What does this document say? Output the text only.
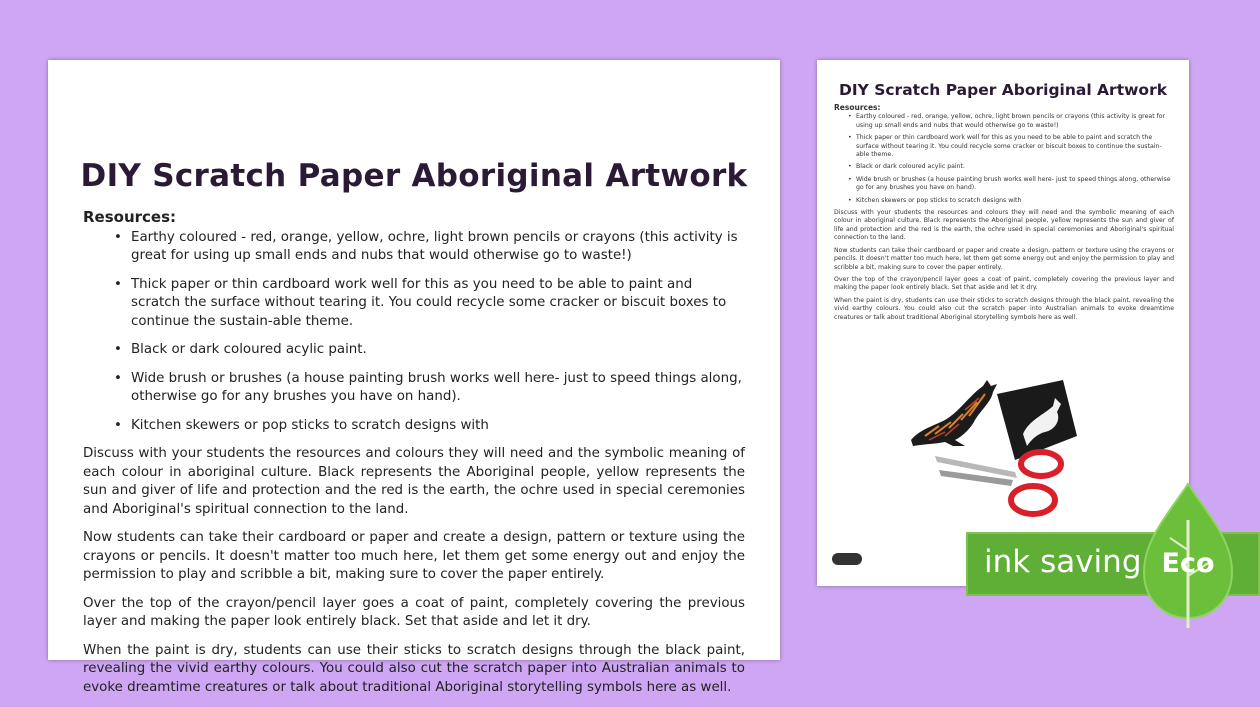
DIY Scratch Paper Aboriginal Artwork
Resources:
• Earthy coloured - red, orange, yellow, ochre, light brown pencils or crayons (this activity is great for using up small ends and nubs that would otherwise go to waste!)
• Thick paper or thin cardboard work well for this as you need to be able to paint and scratch the surface without tearing it. You could recycle some cracker or biscuit boxes to continue the sustain-able theme.
• Black or dark coloured acylic paint.
• Wide brush or brushes (a house painting brush works well here- just to speed things along, otherwise go for any brushes you have on hand).
• Kitchen skewers or pop sticks to scratch designs with

Discuss with your students the resources and colours they will need and the symbolic meaning of each colour in aboriginal culture. Black represents the Aboriginal people, yellow represents the sun and giver of life and protection and the red is the earth, the ochre used in special ceremonies and Aboriginal's spiritual connection to the land.

Now students can take their cardboard or paper and create a design, pattern or texture using the crayons or pencils. It doesn't matter too much here, let them get some energy out and enjoy the permission to play and scribble a bit, making sure to cover the paper entirely.

Over the top of the crayon/pencil layer goes a coat of paint, completely covering the previous layer and making the paper look entirely black. Set that aside and let it dry.

When the paint is dry, students can use their sticks to scratch designs through the black paint, revealing the vivid earthy colours. You could also cut the scratch paper into Australian animals to evoke dreamtime creatures or talk about traditional Aboriginal storytelling symbols here as well.

DIY Scratch Paper Aboriginal Artwork
Resources:
• Earthy coloured - red, orange, yellow, ochre, light brown pencils or crayons (this activity is great for using up small ends and nubs that would otherwise go to waste!)
• Thick paper or thin cardboard work well for this as you need to be able to paint and scratch the surface without tearing it. You could recycle some cracker or biscuit boxes to continue the sustain-able theme.
• Black or dark coloured acylic paint.
• Wide brush or brushes (a house painting brush works well here- just to speed things along, otherwise go for any brushes you have on hand).
• Kitchen skewers or pop sticks to scratch designs with

Discuss with your students the resources and colours they will need and the symbolic meaning of each colour in aboriginal culture. Black represents the Aboriginal people, yellow represents the sun and giver of life and protection and the red is the earth, the ochre used in special ceremonies and Aboriginal's spiritual connection to the land.

Now students can take their cardboard or paper and create a design, pattern or texture using the crayons or pencils. It doesn't matter too much here, let them get some energy out and enjoy the permission to play and scribble a bit, making sure to cover the paper entirely.

Over the top of the crayon/pencil layer goes a coat of paint, completely covering the previous layer and making the paper look entirely black. Set that aside and let it dry.

When the paint is dry, students can use their sticks to scratch designs through the black paint, revealing the vivid earthy colours. You could also cut the scratch paper into Australian animals to evoke dreamtime creatures or talk about traditional Aboriginal storytelling symbols here as well.

ink saving Eco
